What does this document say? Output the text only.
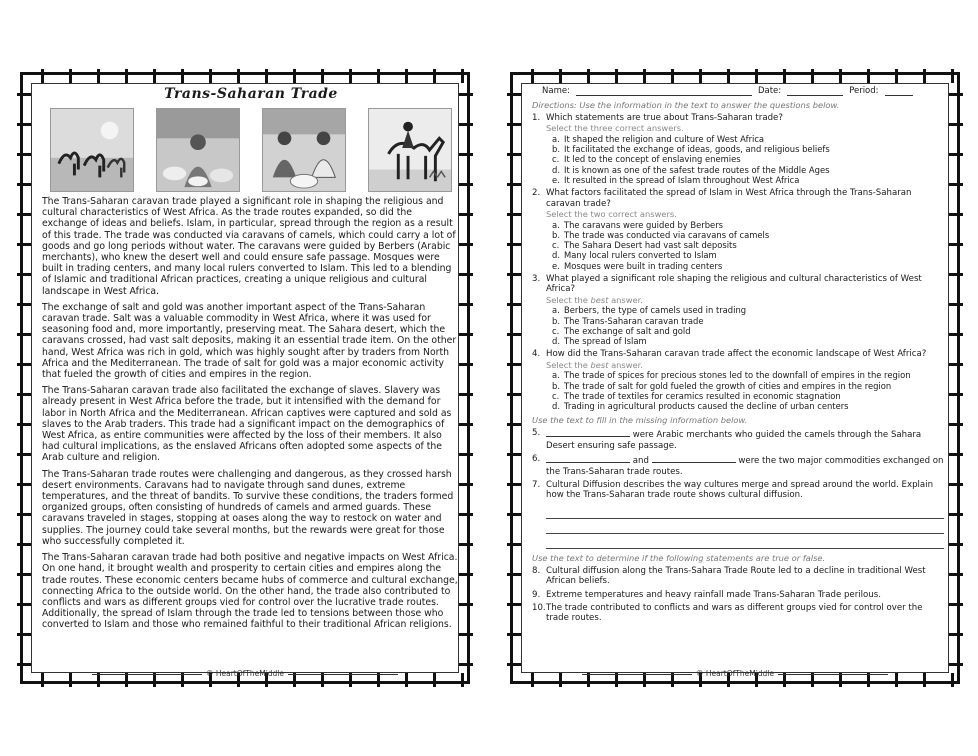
Trans-Saharan Trade

The Trans-Saharan caravan trade played a significant role in shaping the religious and cultural characteristics of West Africa. As the trade routes expanded, so did the exchange of ideas and beliefs. Islam, in particular, spread through the region as a result of this trade. The trade was conducted via caravans of camels, which could carry a lot of goods and go long periods without water. The caravans were guided by Berbers (Arabic merchants), who knew the desert well and could ensure safe passage. Mosques were built in trading centers, and many local rulers converted to Islam. This led to a blending of Islamic and traditional African practices, creating a unique religious and cultural landscape in West Africa.

The exchange of salt and gold was another important aspect of the Trans-Saharan caravan trade. Salt was a valuable commodity in West Africa, where it was used for seasoning food and, more importantly, preserving meat. The Sahara desert, which the caravans crossed, had vast salt deposits, making it an essential trade item. On the other hand, West Africa was rich in gold, which was highly sought after by traders from North Africa and the Mediterranean. The trade of salt for gold was a major economic activity that fueled the growth of cities and empires in the region.

The Trans-Saharan caravan trade also facilitated the exchange of slaves. Slavery was already present in West Africa before the trade, but it intensified with the demand for labor in North Africa and the Mediterranean. African captives were captured and sold as slaves to the Arab traders. This trade had a significant impact on the demographics of West Africa, as entire communities were affected by the loss of their members. It also had cultural implications, as the enslaved Africans often adopted some aspects of the Arab culture and religion.

The Trans-Saharan trade routes were challenging and dangerous, as they crossed harsh desert environments. Caravans had to navigate through sand dunes, extreme temperatures, and the threat of bandits. To survive these conditions, the traders formed organized groups, often consisting of hundreds of camels and armed guards. These caravans traveled in stages, stopping at oases along the way to restock on water and supplies. The journey could take several months, but the rewards were great for those who successfully completed it.

The Trans-Saharan caravan trade had both positive and negative impacts on West Africa. On one hand, it brought wealth and prosperity to certain cities and empires along the trade routes. These economic centers became hubs of commerce and cultural exchange, connecting Africa to the outside world. On the other hand, the trade also contributed to conflicts and wars as different groups vied for control over the lucrative trade routes. Additionally, the spread of Islam through the trade led to tensions between those who converted to Islam and those who remained faithful to their traditional African religions.

© HeartOfTheMiddle
Name:	Date:	Period:
Directions: Use the information in the text to answer the questions below.
1. Which statements are true about Trans-Saharan trade?
Select the three correct answers.
a. It shaped the religion and culture of West Africa
b. It facilitated the exchange of ideas, goods, and religious beliefs
c. It led to the concept of enslaving enemies
d. It is known as one of the safest trade routes of the Middle Ages
e. It resulted in the spread of Islam throughout West Africa
2. What factors facilitated the spread of Islam in West Africa through the Trans-Saharan caravan trade?
Select the two correct answers.
a. The caravans were guided by Berbers
b. The trade was conducted via caravans of camels
c. The Sahara Desert had vast salt deposits
d. Many local rulers converted to Islam
e. Mosques were built in trading centers
3. What played a significant role shaping the religious and cultural characteristics of West Africa?
Select the best answer.
a. Berbers, the type of camels used in trading
b. The Trans-Saharan caravan trade
c. The exchange of salt and gold
d. The spread of Islam
4. How did the Trans-Saharan caravan trade affect the economic landscape of West Africa?
Select the best answer.
a. The trade of spices for precious stones led to the downfall of empires in the region
b. The trade of salt for gold fueled the growth of cities and empires in the region
c. The trade of textiles for ceramics resulted in economic stagnation
d. Trading in agricultural products caused the decline of urban centers
Use the text to fill in the missing information below.
5.	were Arabic merchants who guided the camels through the Sahara Desert ensuring safe passage.
6.	and	were the two major commodities exchanged on the Trans-Saharan trade routes.
7. Cultural Diffusion describes the way cultures merge and spread around the world. Explain how the Trans-Saharan trade route shows cultural diffusion.
Use the text to determine if the following statements are true or false.
8. Cultural diffusion along the Trans-Sahara Trade Route led to a decline in traditional West African beliefs.
9. Extreme temperatures and heavy rainfall made Trans-Saharan Trade perilous.
10. The trade contributed to conflicts and wars as different groups vied for control over the trade routes.
© HeartOfTheMiddle
